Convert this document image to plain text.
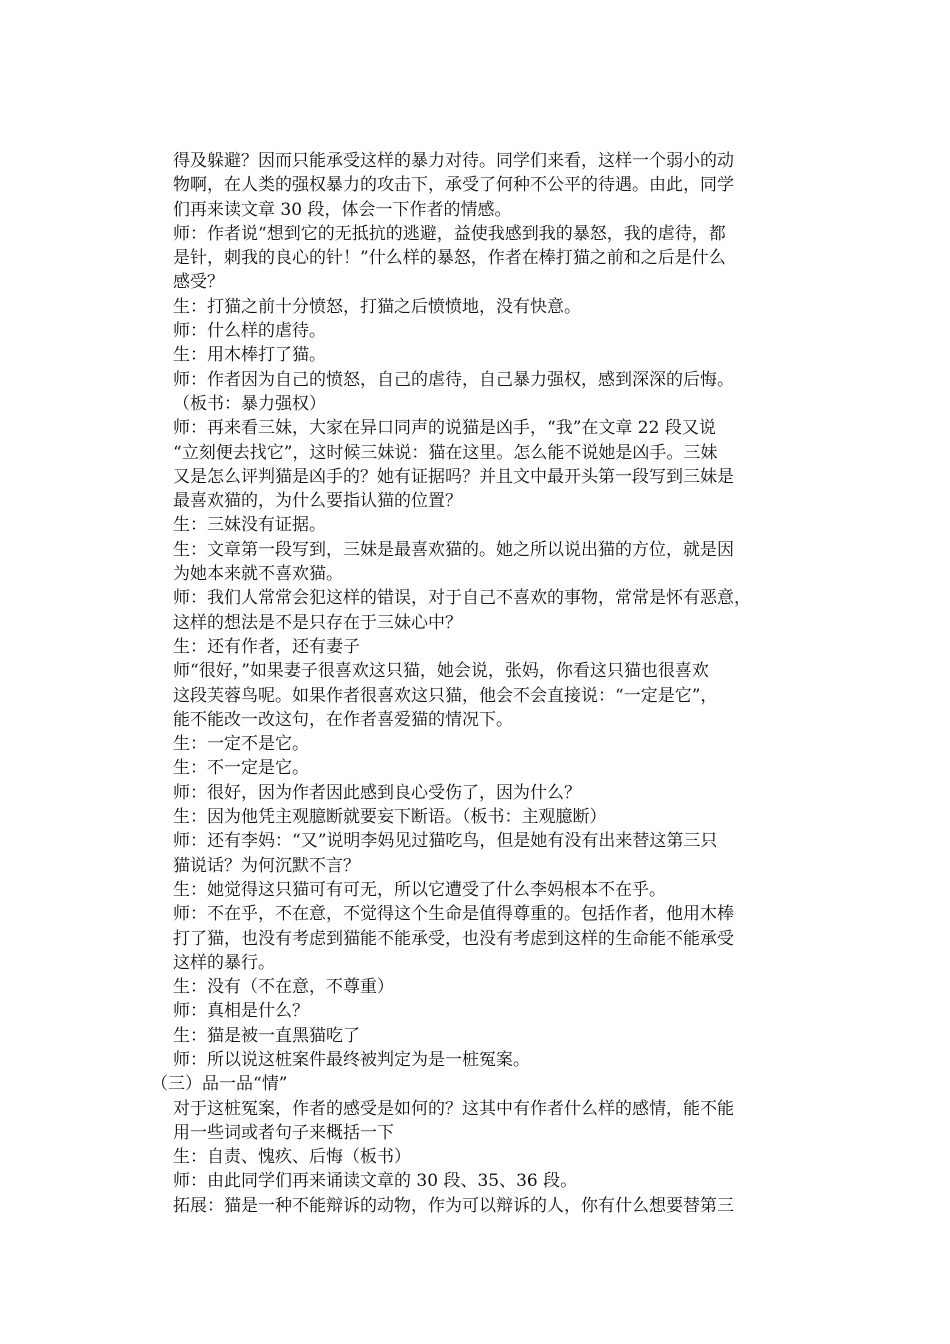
得及躲避？因而只能承受这样的暴力对待。同学们来看，这样一个弱小的动
物啊，在人类的强权暴力的攻击下，承受了何种不公平的待遇。由此，同学
们再来读文章 30 段，体会一下作者的情感。
师：作者说“想到它的无抵抗的逃避，益使我感到我的暴怒，我的虐待，都
是针，刺我的良心的针！”什么样的暴怒，作者在棒打猫之前和之后是什么
感受？
生：打猫之前十分愤怒，打猫之后愤愤地，没有快意。
师：什么样的虐待。
生：用木棒打了猫。
师：作者因为自己的愤怒，自己的虐待，自己暴力强权，感到深深的后悔。
（板书：暴力强权）
师：再来看三妹，大家在异口同声的说猫是凶手，“我”在文章 22 段又说
“立刻便去找它”，这时候三妹说：猫在这里。怎么能不说她是凶手。三妹
又是怎么评判猫是凶手的？她有证据吗？并且文中最开头第一段写到三妹是
最喜欢猫的，为什么要指认猫的位置？
生：三妹没有证据。
生：文章第一段写到，三妹是最喜欢猫的。她之所以说出猫的方位，就是因
为她本来就不喜欢猫。
师：我们人常常会犯这样的错误，对于自己不喜欢的事物，常常是怀有恶意，
这样的想法是不是只存在于三妹心中？
生：还有作者，还有妻子
师“很好，”如果妻子很喜欢这只猫，她会说，张妈，你看这只猫也很喜欢
这段芙蓉鸟呢。如果作者很喜欢这只猫，他会不会直接说：“一定是它”，
能不能改一改这句，在作者喜爱猫的情况下。
生：一定不是它。
生：不一定是它。
师：很好，因为作者因此感到良心受伤了，因为什么？
生：因为他凭主观臆断就要妄下断语。（板书：主观臆断）
师：还有李妈：“又”说明李妈见过猫吃鸟，但是她有没有出来替这第三只
猫说话？为何沉默不言？
生：她觉得这只猫可有可无，所以它遭受了什么李妈根本不在乎。
师：不在乎，不在意，不觉得这个生命是值得尊重的。包括作者，他用木棒
打了猫，也没有考虑到猫能不能承受，也没有考虑到这样的生命能不能承受
这样的暴行。
生：没有（不在意，不尊重）
师：真相是什么？
生：猫是被一直黑猫吃了
师：所以说这桩案件最终被判定为是一桩冤案。
（三）品一品“情”
对于这桩冤案，作者的感受是如何的？这其中有作者什么样的感情，能不能
用一些词或者句子来概括一下
生：自责、愧疚、后悔（板书）
师：由此同学们再来诵读文章的 30 段、35、36 段。
拓展：猫是一种不能辩诉的动物，作为可以辩诉的人，你有什么想要替第三
